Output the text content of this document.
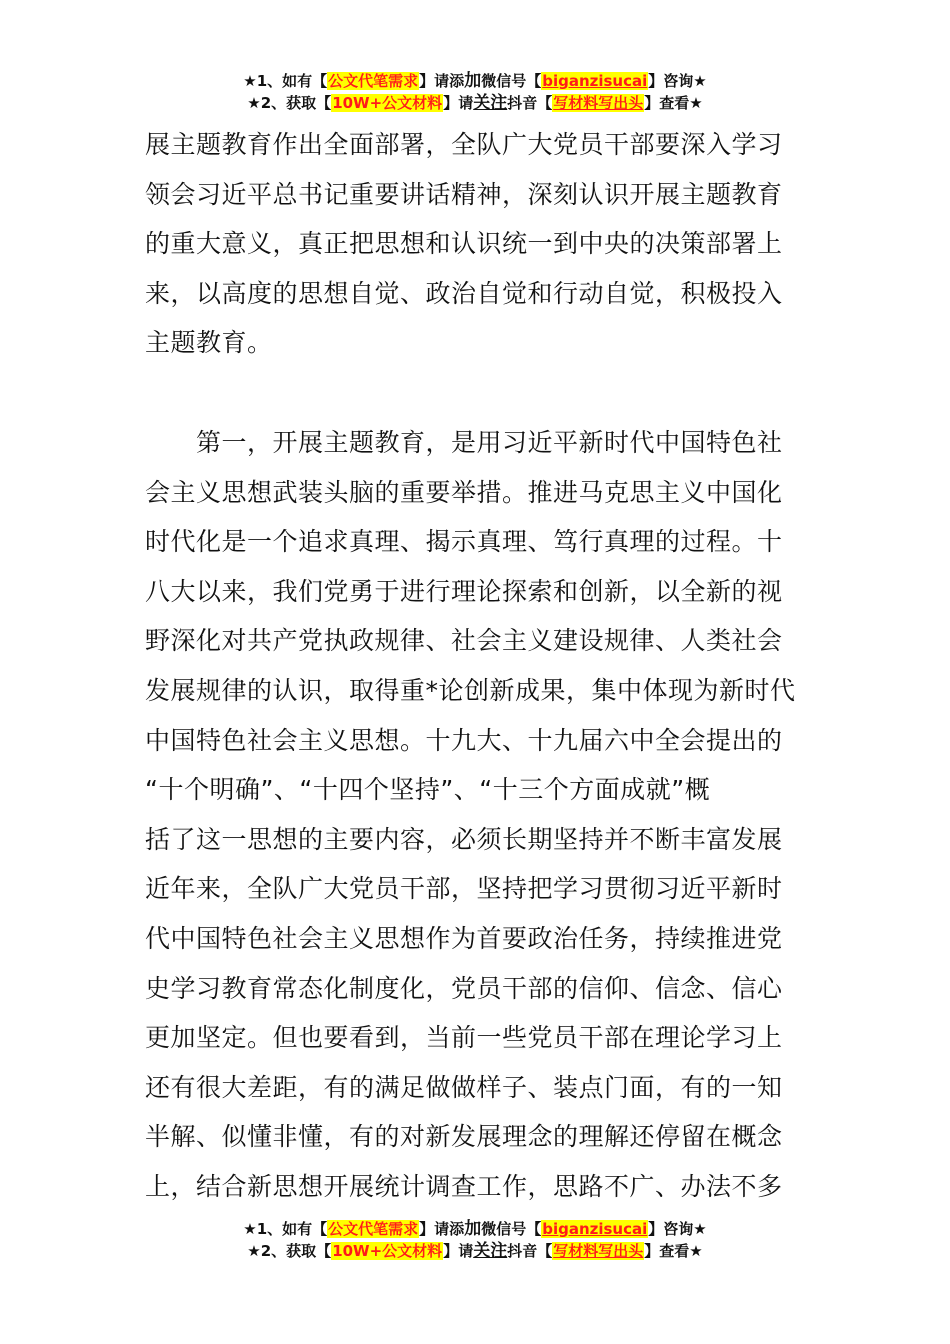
★1、如有【公文代笔需求】请添加微信号【biganzisucai】咨询★
★2、获取【10W+公文材料】请关注抖音【写材料写出头】查看★
展主题教育作出全面部署，全队广大党员干部要深入学习
领会习近平总书记重要讲话精神，深刻认识开展主题教育
的重大意义，真正把思想和认识统一到中央的决策部署上
来，以高度的思想自觉、政治自觉和行动自觉，积极投入
主题教育。
　　第一，开展主题教育，是用习近平新时代中国特色社
会主义思想武装头脑的重要举措。推进马克思主义中国化
时代化是一个追求真理、揭示真理、笃行真理的过程。十
八大以来，我们党勇于进行理论探索和创新，以全新的视
野深化对共产党执政规律、社会主义建设规律、人类社会
发展规律的认识，取得重*论创新成果，集中体现为新时代
中国特色社会主义思想。十九大、十九届六中全会提出的
“十个明确”、“十四个坚持”、“十三个方面成就”概
括了这一思想的主要内容，必须长期坚持并不断丰富发展
近年来，全队广大党员干部，坚持把学习贯彻习近平新时
代中国特色社会主义思想作为首要政治任务，持续推进党
史学习教育常态化制度化，党员干部的信仰、信念、信心
更加坚定。但也要看到，当前一些党员干部在理论学习上
还有很大差距，有的满足做做样子、装点门面，有的一知
半解、似懂非懂，有的对新发展理念的理解还停留在概念
上，结合新思想开展统计调查工作，思路不广、办法不多
★1、如有【公文代笔需求】请添加微信号【biganzisucai】咨询★
★2、获取【10W+公文材料】请关注抖音【写材料写出头】查看★
